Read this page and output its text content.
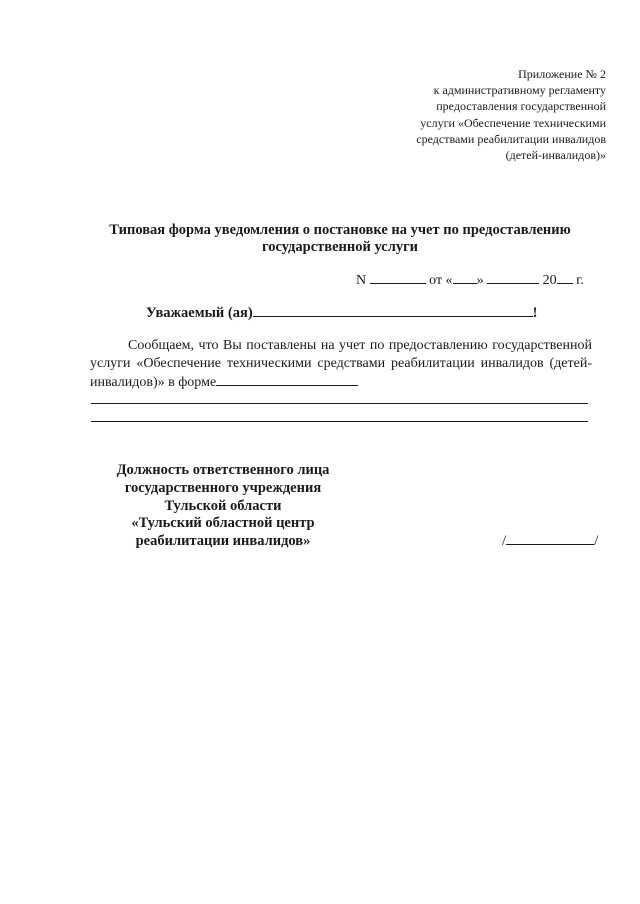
Приложение № 2
к административному регламенту
предоставления государственной
услуги «Обеспечение техническими
средствами реабилитации инвалидов
(детей-инвалидов)»
Типовая форма уведомления о постановке на учет по предоставлению
государственной услуги
N	от « »	20 г.
Уважаемый (ая)	!

Сообщаем, что Вы поставлены на учет по предоставлению государственной услуги «Обеспечение техническими средствами реабилитации инвалидов (детей-инвалидов)» в форме

Должность ответственного лица
государственного учреждения
Тульской области
«Тульский областной центр
реабилитации инвалидов»	/	/
